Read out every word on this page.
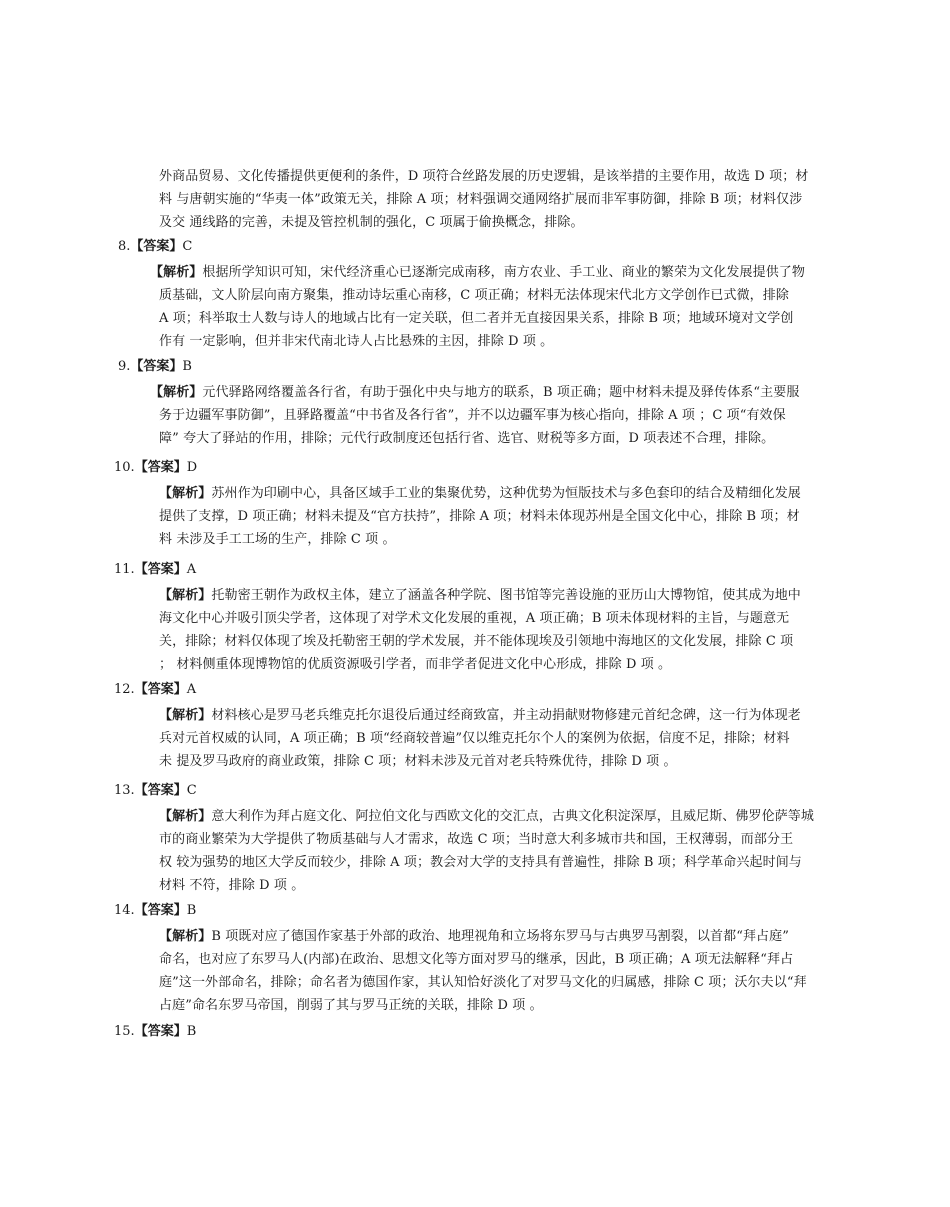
外商品贸易、文化传播提供更便利的条件，D 项符合丝路发展的历史逻辑，是该举措的主要作用，故选 D 项；材
料 与唐朝实施的“华夷一体”政策无关，排除 A 项；材料强调交通网络扩展而非军事防御，排除 B 项；材料仅涉
及交 通线路的完善，未提及管控机制的强化，C 项属于偷换概念，排除。
8.【答案】C
【解析】根据所学知识可知，宋代经济重心已逐渐完成南移，南方农业、手工业、商业的繁荣为文化发展提供了物
质基础，文人阶层向南方聚集，推动诗坛重心南移，C 项正确；材料无法体现宋代北方文学创作已式微，排除
A 项；科举取士人数与诗人的地域占比有一定关联，但二者并无直接因果关系，排除 B 项；地域环境对文学创
作有 一定影响，但并非宋代南北诗人占比悬殊的主因，排除 D 项 。
9.【答案】B
【解析】元代驿路网络覆盖各行省，有助于强化中央与地方的联系，B 项正确；题中材料未提及驿传体系“主要服
务于边疆军事防御”，且驿路覆盖“中书省及各行省”，并不以边疆军事为核心指向，排除 A 项 ；C 项“有效保
障” 夸大了驿站的作用，排除；元代行政制度还包括行省、选官、财税等多方面，D 项表述不合理，排除。
10.【答案】D
【解析】苏州作为印刷中心，具备区域手工业的集聚优势，这种优势为恒版技术与多色套印的结合及精细化发展
提供了支撑，D 项正确；材料未提及“官方扶持”，排除 A 项；材料未体现苏州是全国文化中心，排除 B 项；材
料 未涉及手工工场的生产，排除 C 项 。
11.【答案】A
【解析】托勒密王朝作为政权主体，建立了涵盖各种学院、图书馆等完善设施的亚历山大博物馆，使其成为地中
海文化中心并吸引顶尖学者，这体现了对学术文化发展的重视，A 项正确；B 项未体现材料的主旨，与题意无
关，排除；材料仅体现了埃及托勒密王朝的学术发展，并不能体现埃及引领地中海地区的文化发展，排除 C 项
； 材料侧重体现博物馆的优质资源吸引学者，而非学者促进文化中心形成，排除 D 项 。
12.【答案】A
【解析】材料核心是罗马老兵维克托尔退役后通过经商致富，并主动捐献财物修建元首纪念碑，这一行为体现老
兵对元首权威的认同，A 项正确；B 项“经商较普遍”仅以维克托尔个人的案例为依据，信度不足，排除；材料
未 提及罗马政府的商业政策，排除 C 项；材料未涉及元首对老兵特殊优待，排除 D 项 。
13.【答案】C
【解析】意大利作为拜占庭文化、阿拉伯文化与西欧文化的交汇点，古典文化积淀深厚，且威尼斯、佛罗伦萨等城
市的商业繁荣为大学提供了物质基础与人才需求，故选 C 项；当时意大利多城市共和国，王权薄弱，而部分王
权 较为强势的地区大学反而较少，排除 A 项；教会对大学的支持具有普遍性，排除 B 项；科学革命兴起时间与
材料 不符，排除 D 项 。
14.【答案】B
【解析】B 项既对应了德国作家基于外部的政治、地理视角和立场将东罗马与古典罗马割裂，以首都“拜占庭”
命名，也对应了东罗马人(内部)在政治、思想文化等方面对罗马的继承，因此，B 项正确；A 项无法解释“拜占
庭”这一外部命名，排除；命名者为德国作家，其认知恰好淡化了对罗马文化的归属感，排除 C 项；沃尔夫以“拜
占庭”命名东罗马帝国，削弱了其与罗马正统的关联，排除 D 项 。
15.【答案】B
